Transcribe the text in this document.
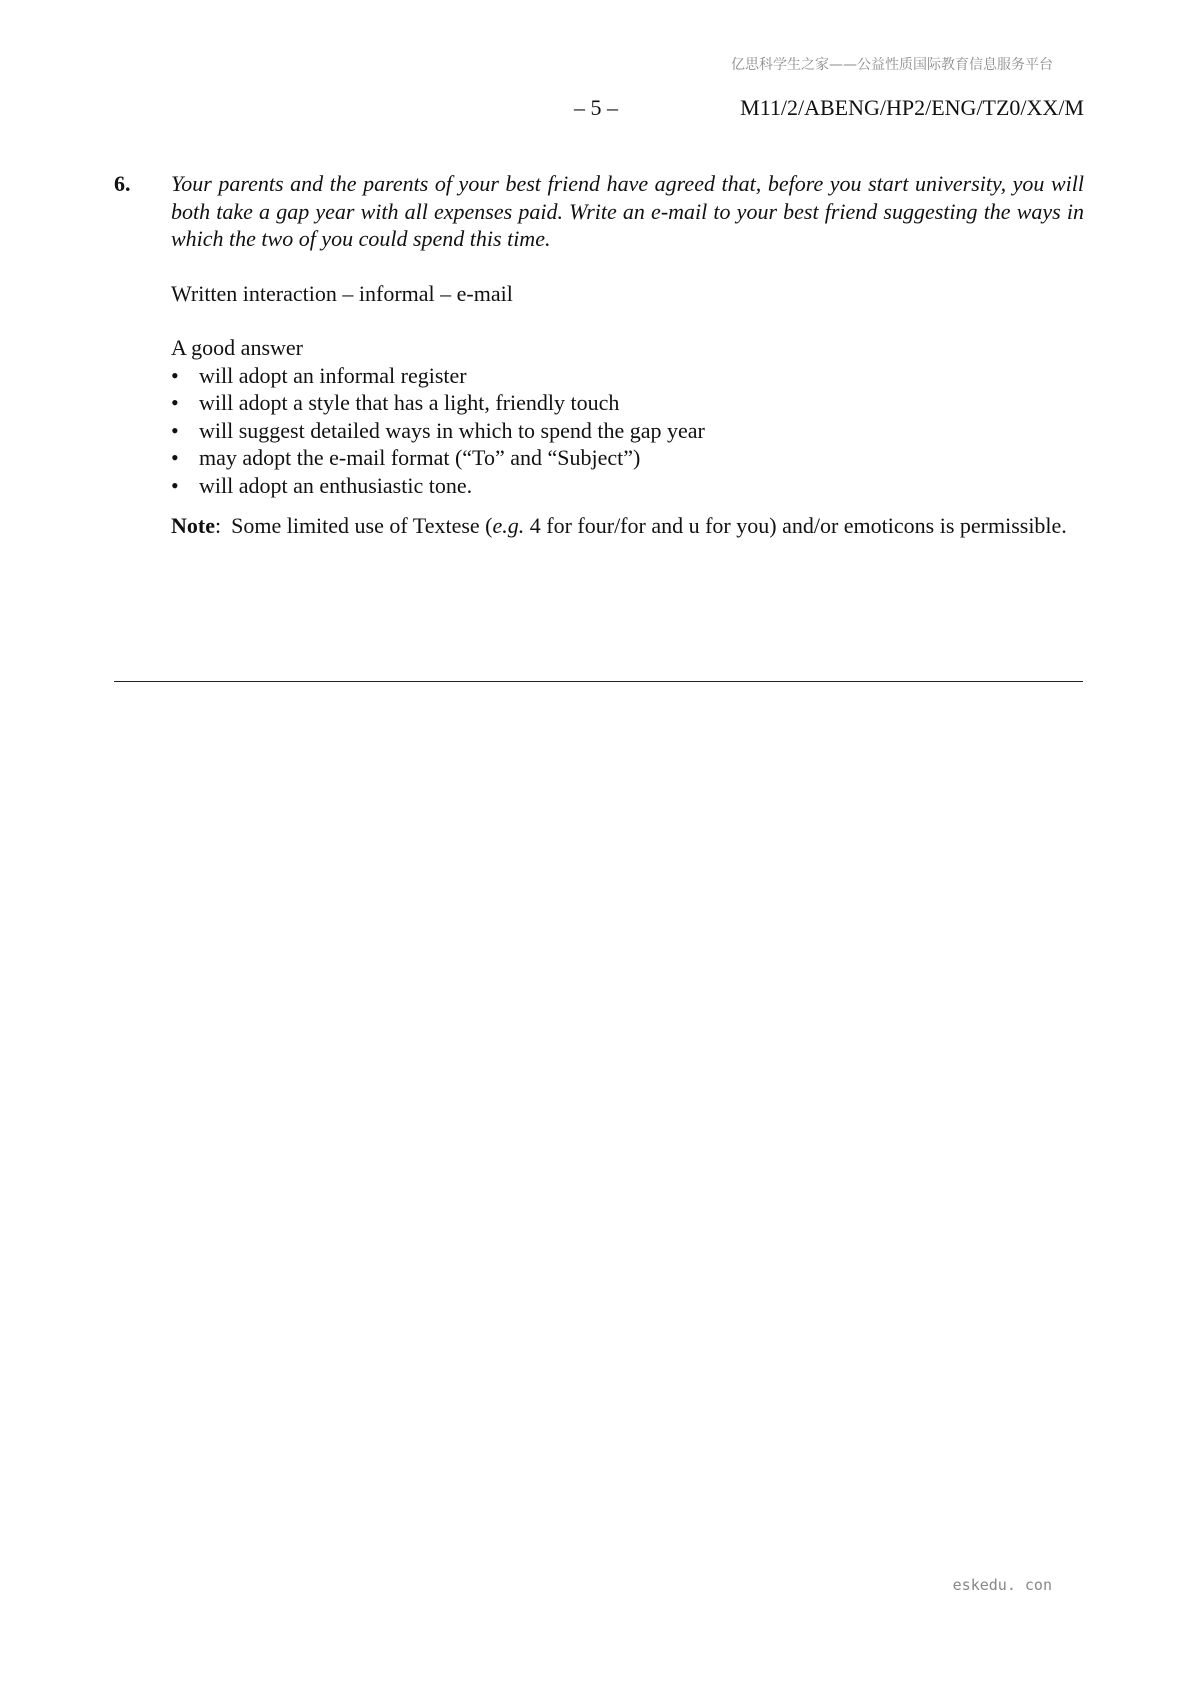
亿思科学生之家——公益性质国际教育信息服务平台
– 5 –	M11/2/ABENG/HP2/ENG/TZ0/XX/M
6. Your parents and the parents of your best friend have agreed that, before you start university, you will both take a gap year with all expenses paid. Write an e-mail to your best friend suggesting the ways in which the two of you could spend this time.
Written interaction – informal – e-mail
A good answer
• will adopt an informal register
• will adopt a style that has a light, friendly touch
• will suggest detailed ways in which to spend the gap year
• may adopt the e-mail format (“To” and “Subject”)
• will adopt an enthusiastic tone.
Note: Some limited use of Textese (e.g. 4 for four/for and u for you) and/or emoticons is permissible.
eskedu. con
